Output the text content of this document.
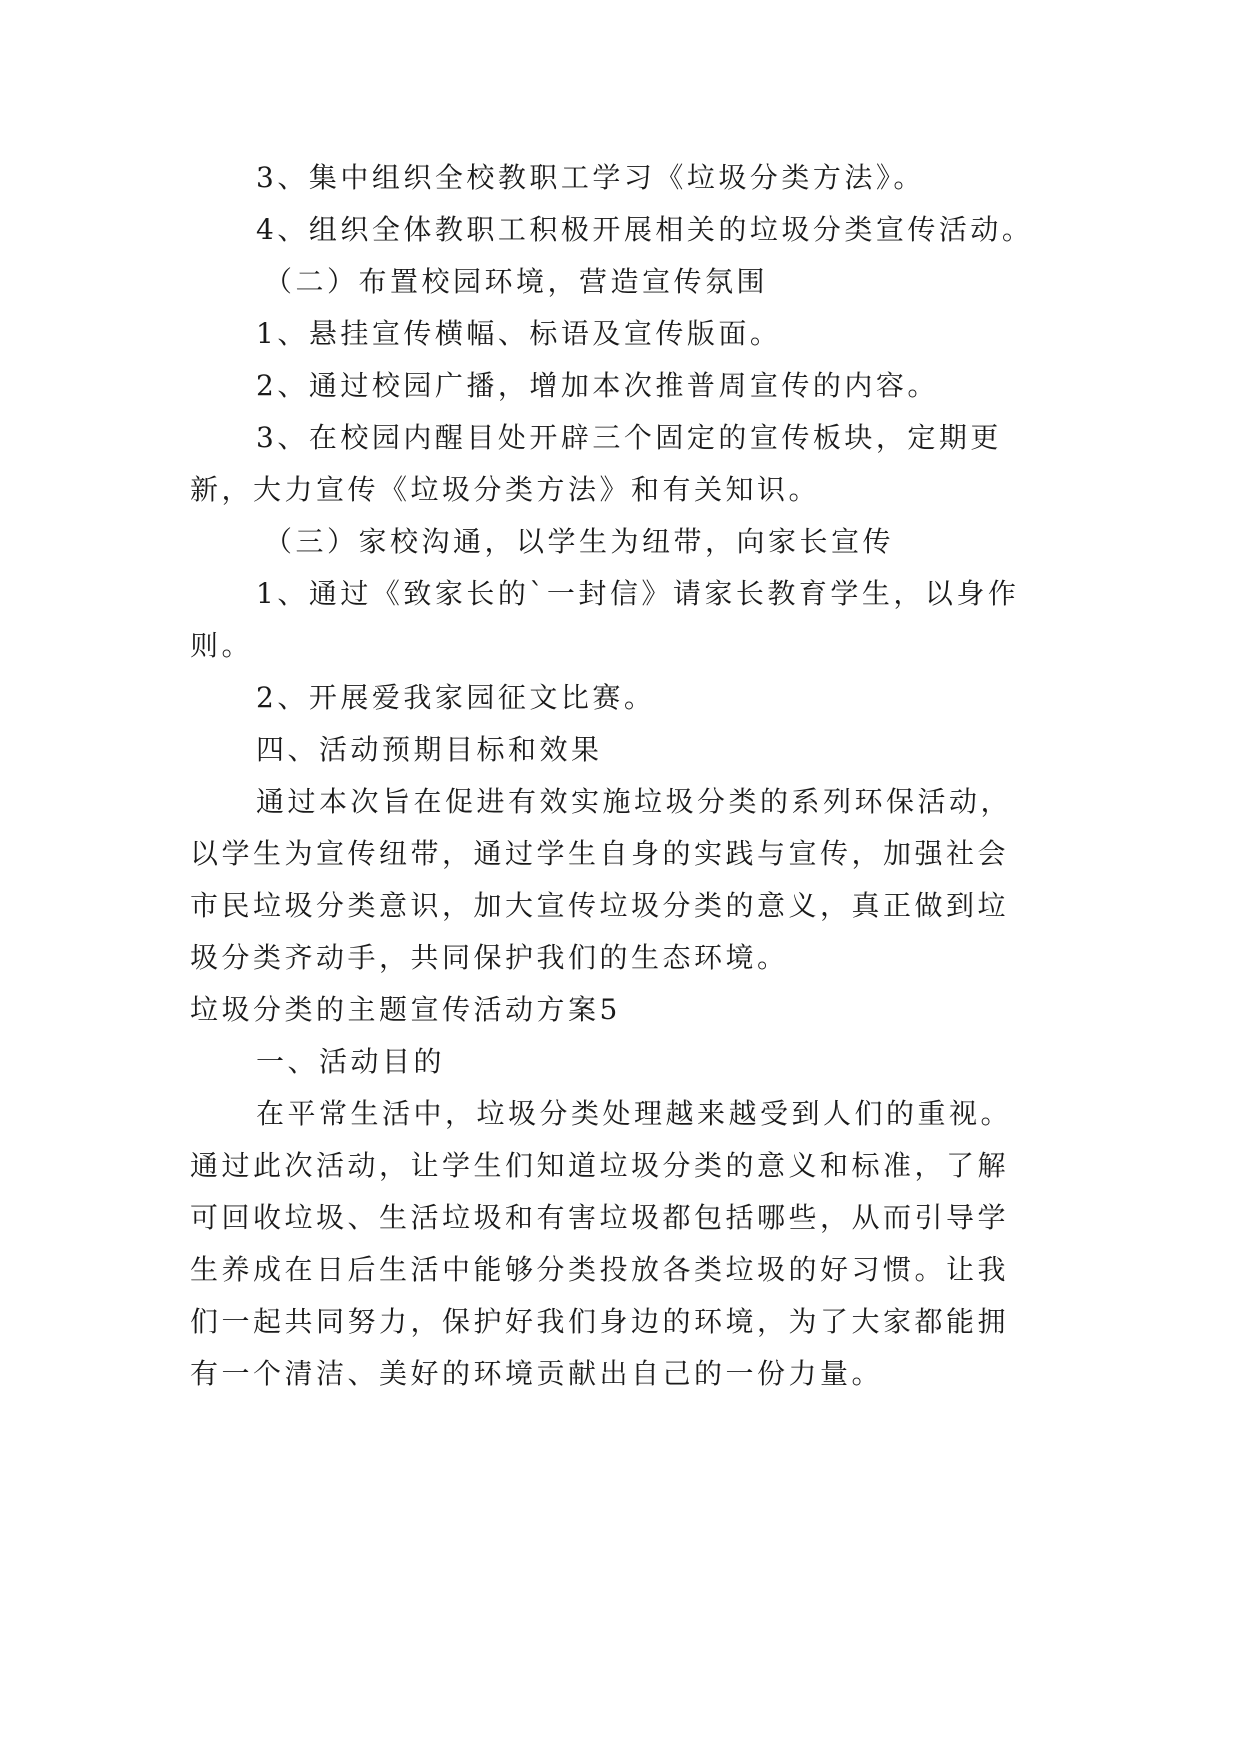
3、集中组织全校教职工学习《垃圾分类方法》。
4、组织全体教职工积极开展相关的垃圾分类宣传活动。
（二）布置校园环境，营造宣传氛围
1、悬挂宣传横幅、标语及宣传版面。
2、通过校园广播，增加本次推普周宣传的内容。
3、在校园内醒目处开辟三个固定的宣传板块，定期更
新，大力宣传《垃圾分类方法》和有关知识。
（三）家校沟通，以学生为纽带，向家长宣传
1、通过《致家长的`一封信》请家长教育学生，以身作
则。
2、开展爱我家园征文比赛。
四、活动预期目标和效果
通过本次旨在促进有效实施垃圾分类的系列环保活动，
以学生为宣传纽带，通过学生自身的实践与宣传，加强社会
市民垃圾分类意识，加大宣传垃圾分类的意义，真正做到垃
圾分类齐动手，共同保护我们的生态环境。
垃圾分类的主题宣传活动方案5
一、活动目的
在平常生活中，垃圾分类处理越来越受到人们的重视。
通过此次活动，让学生们知道垃圾分类的意义和标准，了解
可回收垃圾、生活垃圾和有害垃圾都包括哪些，从而引导学
生养成在日后生活中能够分类投放各类垃圾的好习惯。让我
们一起共同努力，保护好我们身边的环境，为了大家都能拥
有一个清洁、美好的环境贡献出自己的一份力量。
